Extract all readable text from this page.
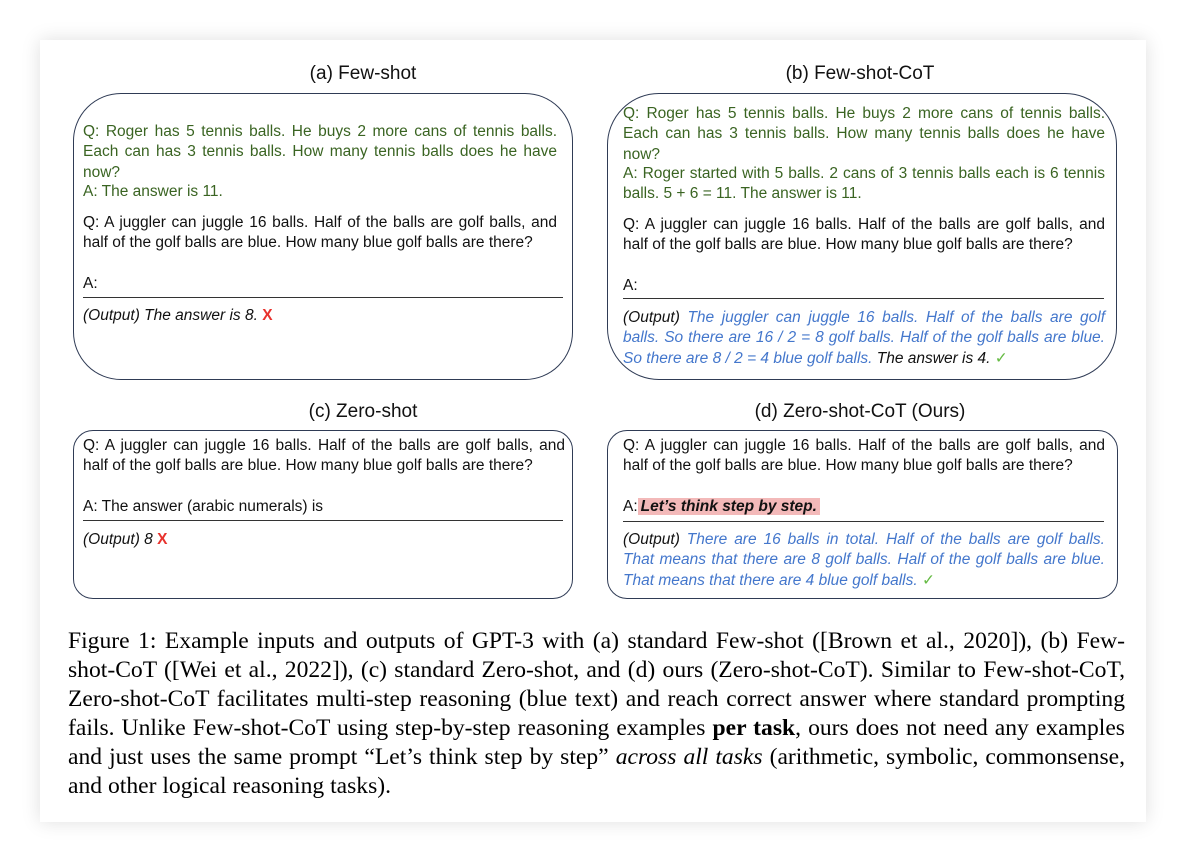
(a) Few-shot
Q: Roger has 5 tennis balls. He buys 2 more cans of tennis balls. Each can has 3 tennis balls. How many tennis balls does he have now?
A: The answer is 11.
Q: A juggler can juggle 16 balls. Half of the balls are golf balls, and half of the golf balls are blue. How many blue golf balls are there?
A:
(Output) The answer is 8. X
(b) Few-shot-CoT
Q: Roger has 5 tennis balls. He buys 2 more cans of tennis balls. Each can has 3 tennis balls. How many tennis balls does he have now?
A: Roger started with 5 balls. 2 cans of 3 tennis balls each is 6 tennis balls. 5 + 6 = 11. The answer is 11.
Q: A juggler can juggle 16 balls. Half of the balls are golf balls, and half of the golf balls are blue. How many blue golf balls are there?
A:
(Output) The juggler can juggle 16 balls. Half of the balls are golf balls. So there are 16 / 2 = 8 golf balls. Half of the golf balls are blue. So there are 8 / 2 = 4 blue golf balls. The answer is 4. ✓
(c) Zero-shot
Q: A juggler can juggle 16 balls. Half of the balls are golf balls, and half of the golf balls are blue. How many blue golf balls are there?
A: The answer (arabic numerals) is
(Output) 8 X
(d) Zero-shot-CoT (Ours)
Q: A juggler can juggle 16 balls. Half of the balls are golf balls, and half of the golf balls are blue. How many blue golf balls are there?
A: Let’s think step by step.
(Output) There are 16 balls in total. Half of the balls are golf balls. That means that there are 8 golf balls. Half of the golf balls are blue. That means that there are 4 blue golf balls. ✓
Figure 1: Example inputs and outputs of GPT-3 with (a) standard Few-shot ([Brown et al., 2020]), (b) Few-shot-CoT ([Wei et al., 2022]), (c) standard Zero-shot, and (d) ours (Zero-shot-CoT). Similar to Few-shot-CoT, Zero-shot-CoT facilitates multi-step reasoning (blue text) and reach correct answer where standard prompting fails. Unlike Few-shot-CoT using step-by-step reasoning examples per task, ours does not need any examples and just uses the same prompt “Let’s think step by step” across all tasks (arithmetic, symbolic, commonsense, and other logical reasoning tasks).
